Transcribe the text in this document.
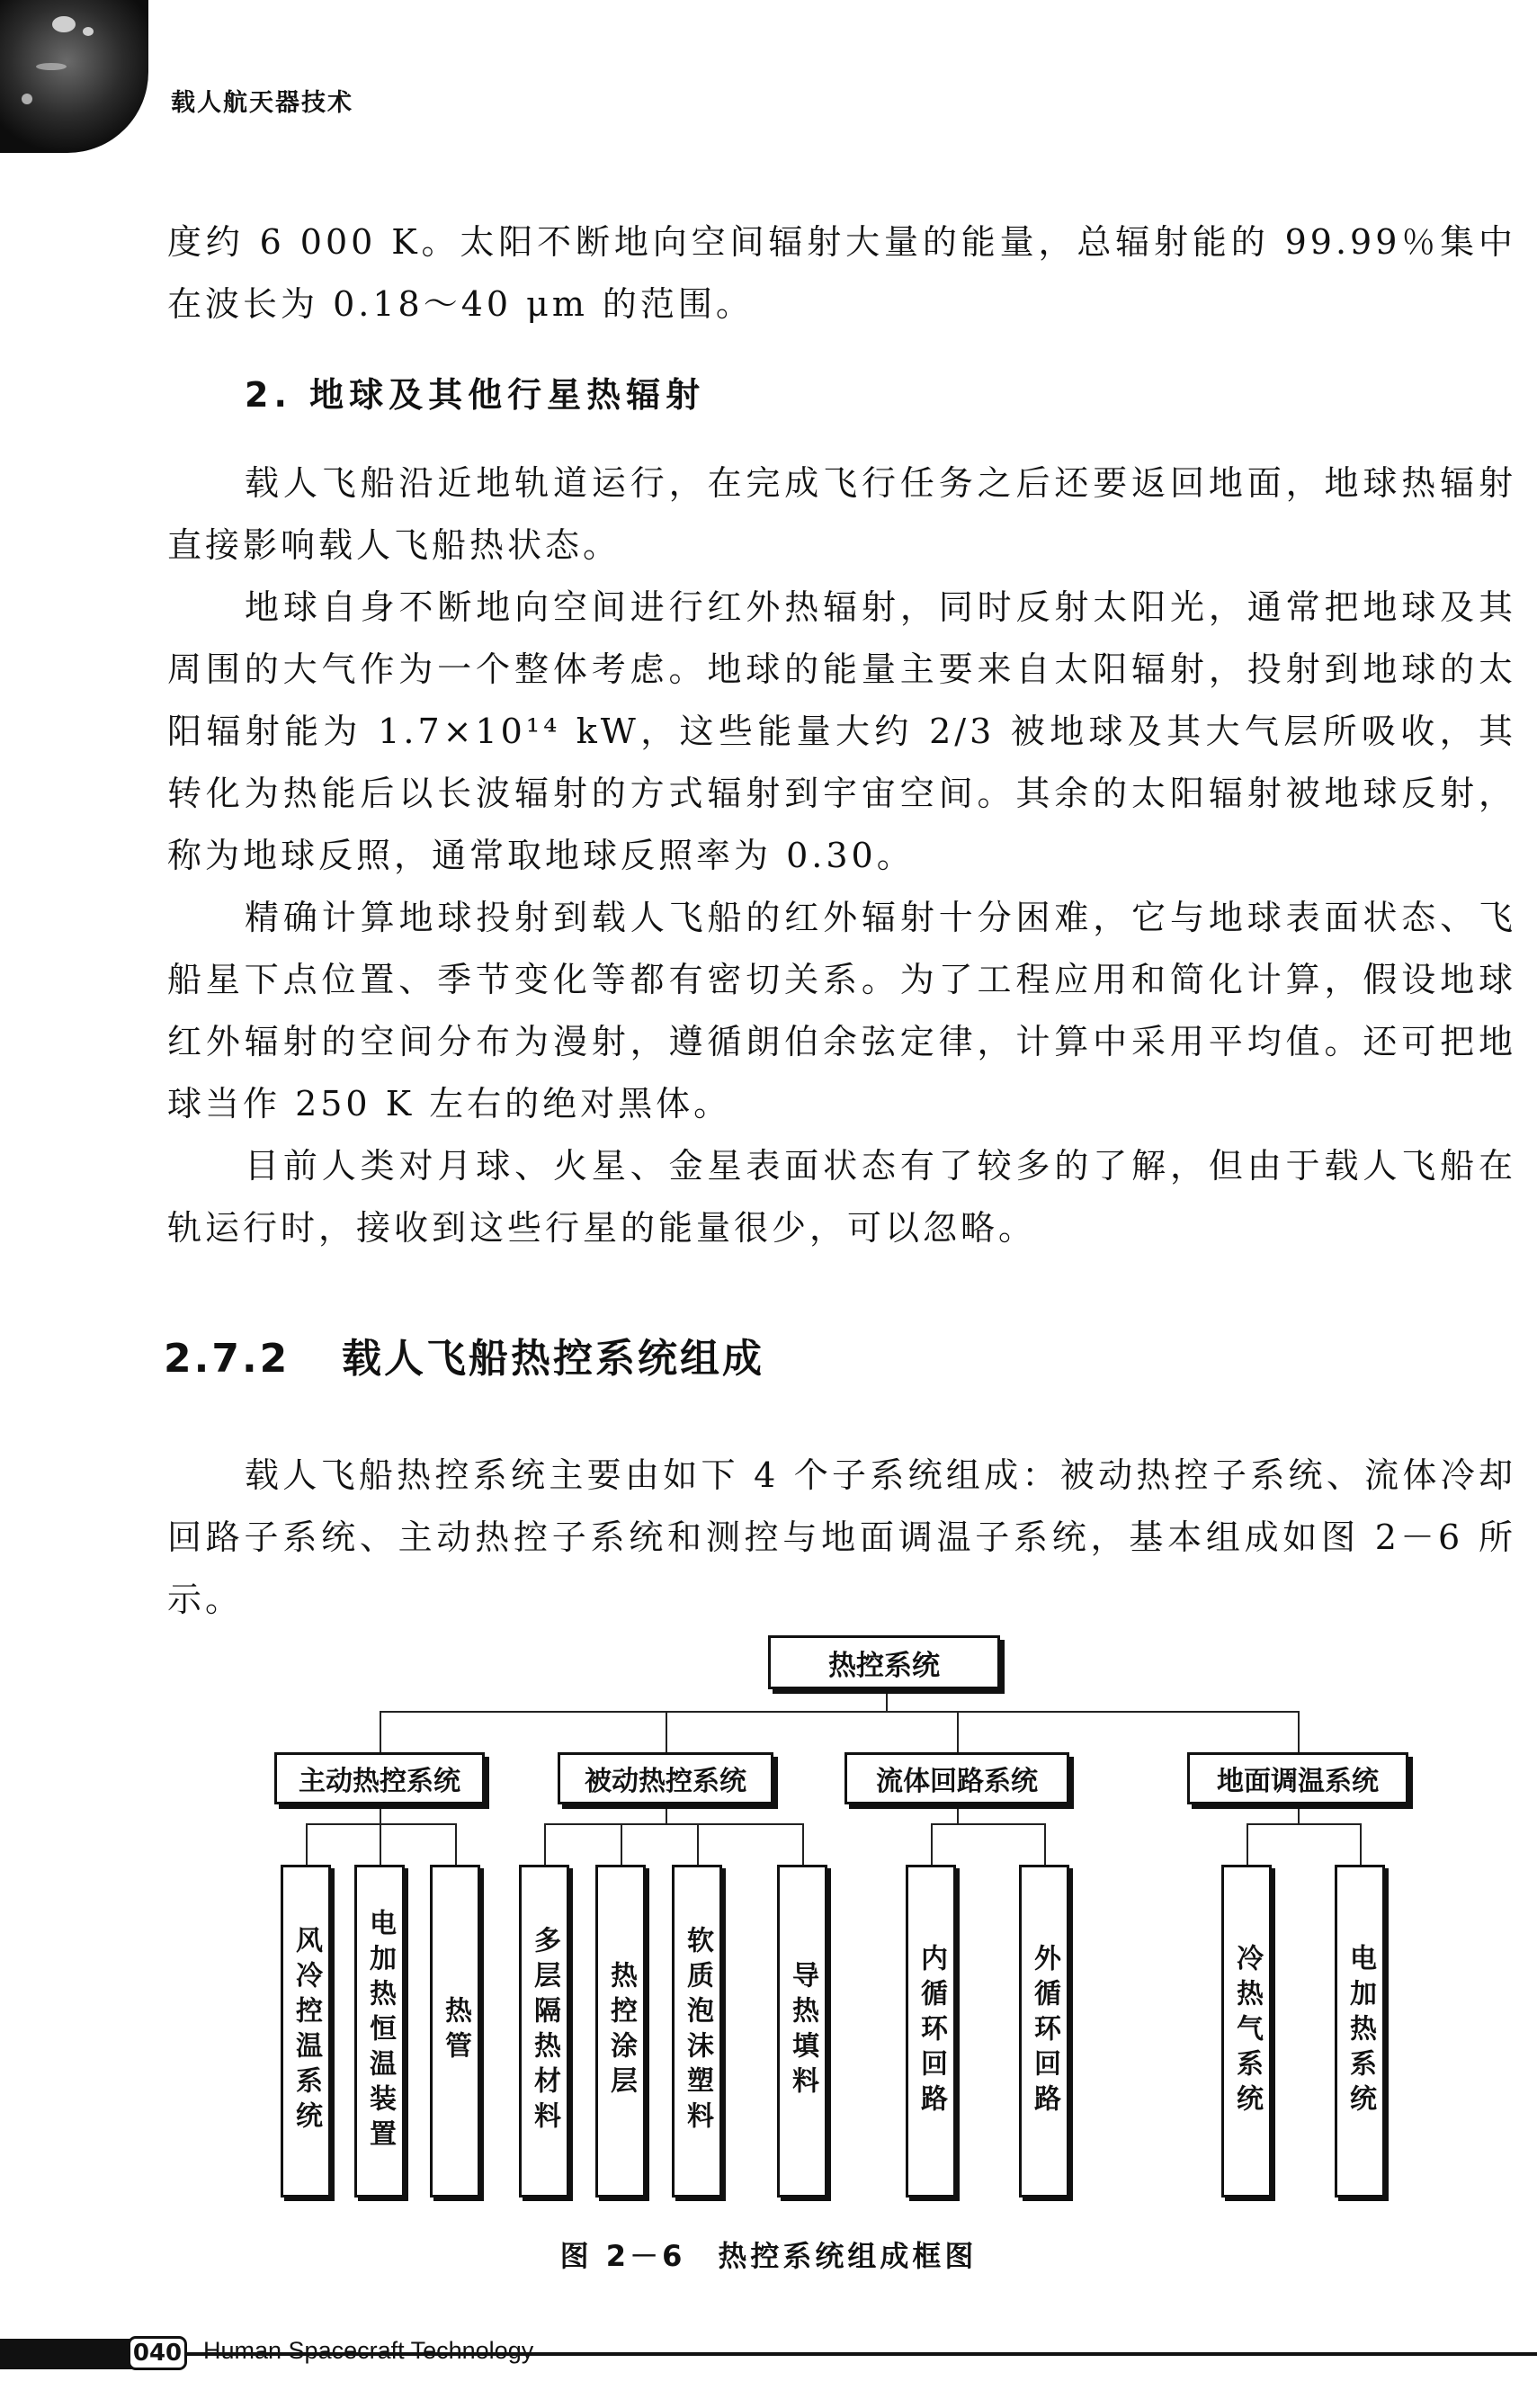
载人航天器技术
度约 6 000 K。太阳不断地向空间辐射大量的能量，总辐射能的 99.99％集中在波长为 0.18～40 μm 的范围。
2. 地球及其他行星热辐射
载人飞船沿近地轨道运行，在完成飞行任务之后还要返回地面，地球热辐射直接影响载人飞船热状态。
地球自身不断地向空间进行红外热辐射，同时反射太阳光，通常把地球及其周围的大气作为一个整体考虑。地球的能量主要来自太阳辐射，投射到地球的太阳辐射能为 1.7×10¹⁴ kW，这些能量大约 2/3 被地球及其大气层所吸收，其转化为热能后以长波辐射的方式辐射到宇宙空间。其余的太阳辐射被地球反射，称为地球反照，通常取地球反照率为 0.30。
精确计算地球投射到载人飞船的红外辐射十分困难，它与地球表面状态、飞船星下点位置、季节变化等都有密切关系。为了工程应用和简化计算，假设地球红外辐射的空间分布为漫射，遵循朗伯余弦定律，计算中采用平均值。还可把地球当作 250 K 左右的绝对黑体。
目前人类对月球、火星、金星表面状态有了较多的了解，但由于载人飞船在轨运行时，接收到这些行星的能量很少，可以忽略。
2.7.2 载人飞船热控系统组成
载人飞船热控系统主要由如下 4 个子系统组成：被动热控子系统、流体冷却回路子系统、主动热控子系统和测控与地面调温子系统，基本组成如图 2－6 所示。
热控系统
主动热控系统	被动热控系统	流体回路系统	地面调温系统
风冷控温系统	电加热恒温装置	热管	多层隔热材料	热控涂层	软质泡沫塑料	导热填料	内循环回路	外循环回路	冷热气系统	电加热系统
图 2－6　热控系统组成框图
040 Human Spacecraft Technology
